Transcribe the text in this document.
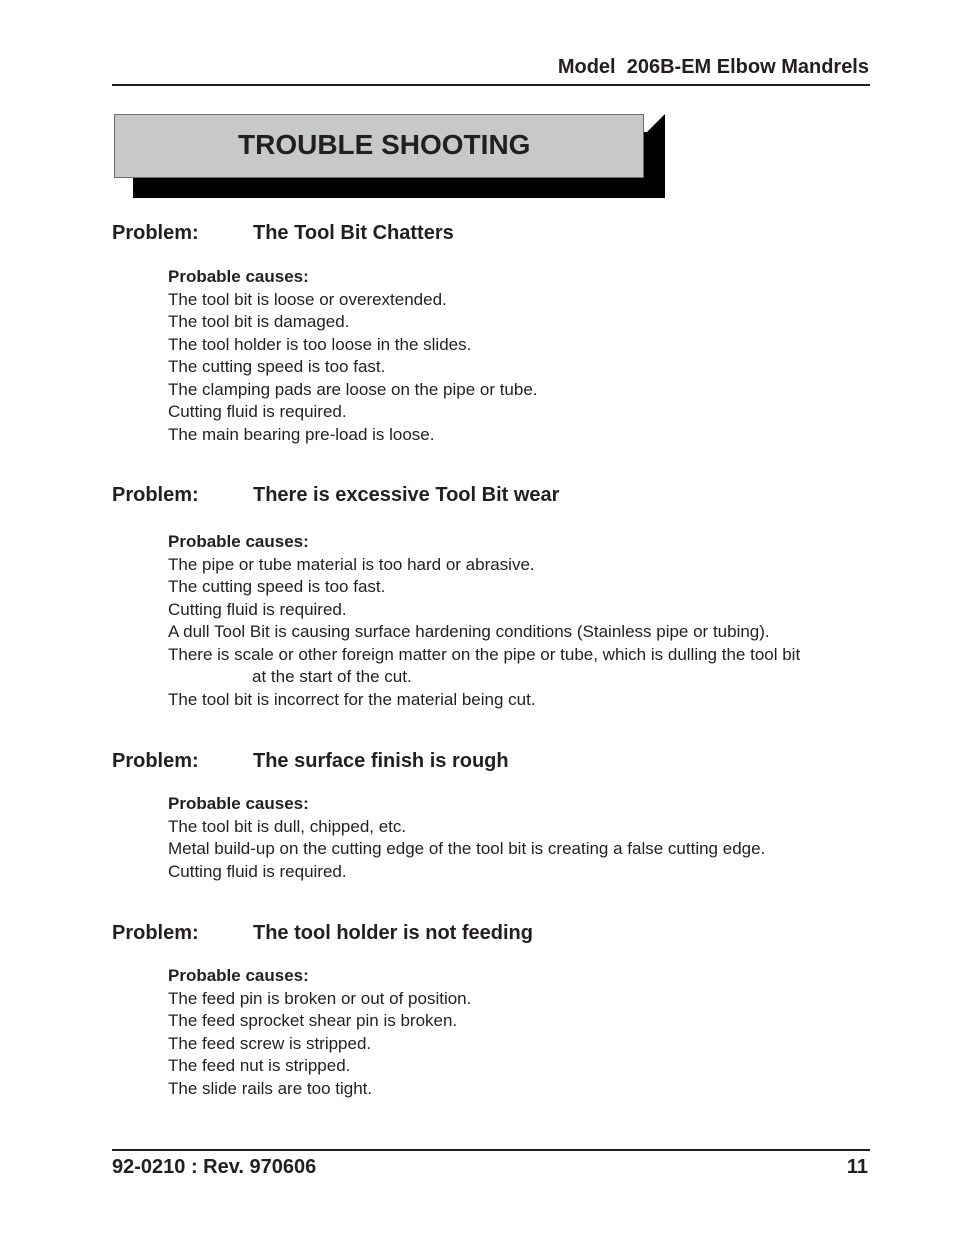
Model  206B-EM Elbow Mandrels
TROUBLE SHOOTING
Problem:	The Tool Bit Chatters
Probable causes:
The tool bit is loose or overextended.
The tool bit is damaged.
The tool holder is too loose in the slides.
The cutting speed is too fast.
The clamping pads are loose on the pipe or tube.
Cutting fluid is required.
The main bearing pre-load is loose.
Problem:	There is excessive Tool Bit wear
Probable causes:
The pipe or tube material is too hard or abrasive.
The cutting speed is too fast.
Cutting fluid is required.
A dull Tool Bit is causing surface hardening conditions (Stainless pipe or tubing).
There is scale or other foreign matter on the pipe or tube, which is dulling the tool bit
at the start of the cut.
The tool bit is incorrect for the material being cut.
Problem:	The surface finish is rough
Probable causes:
The tool bit is dull, chipped, etc.
Metal build-up on the cutting edge of the tool bit is creating a false cutting edge.
Cutting fluid is required.
Problem:	The tool holder is not feeding
Probable causes:
The feed pin is broken or out of position.
The feed sprocket shear pin is broken.
The feed screw is stripped.
The feed nut is stripped.
The slide rails are too tight.
92-0210 : Rev. 970606	11
